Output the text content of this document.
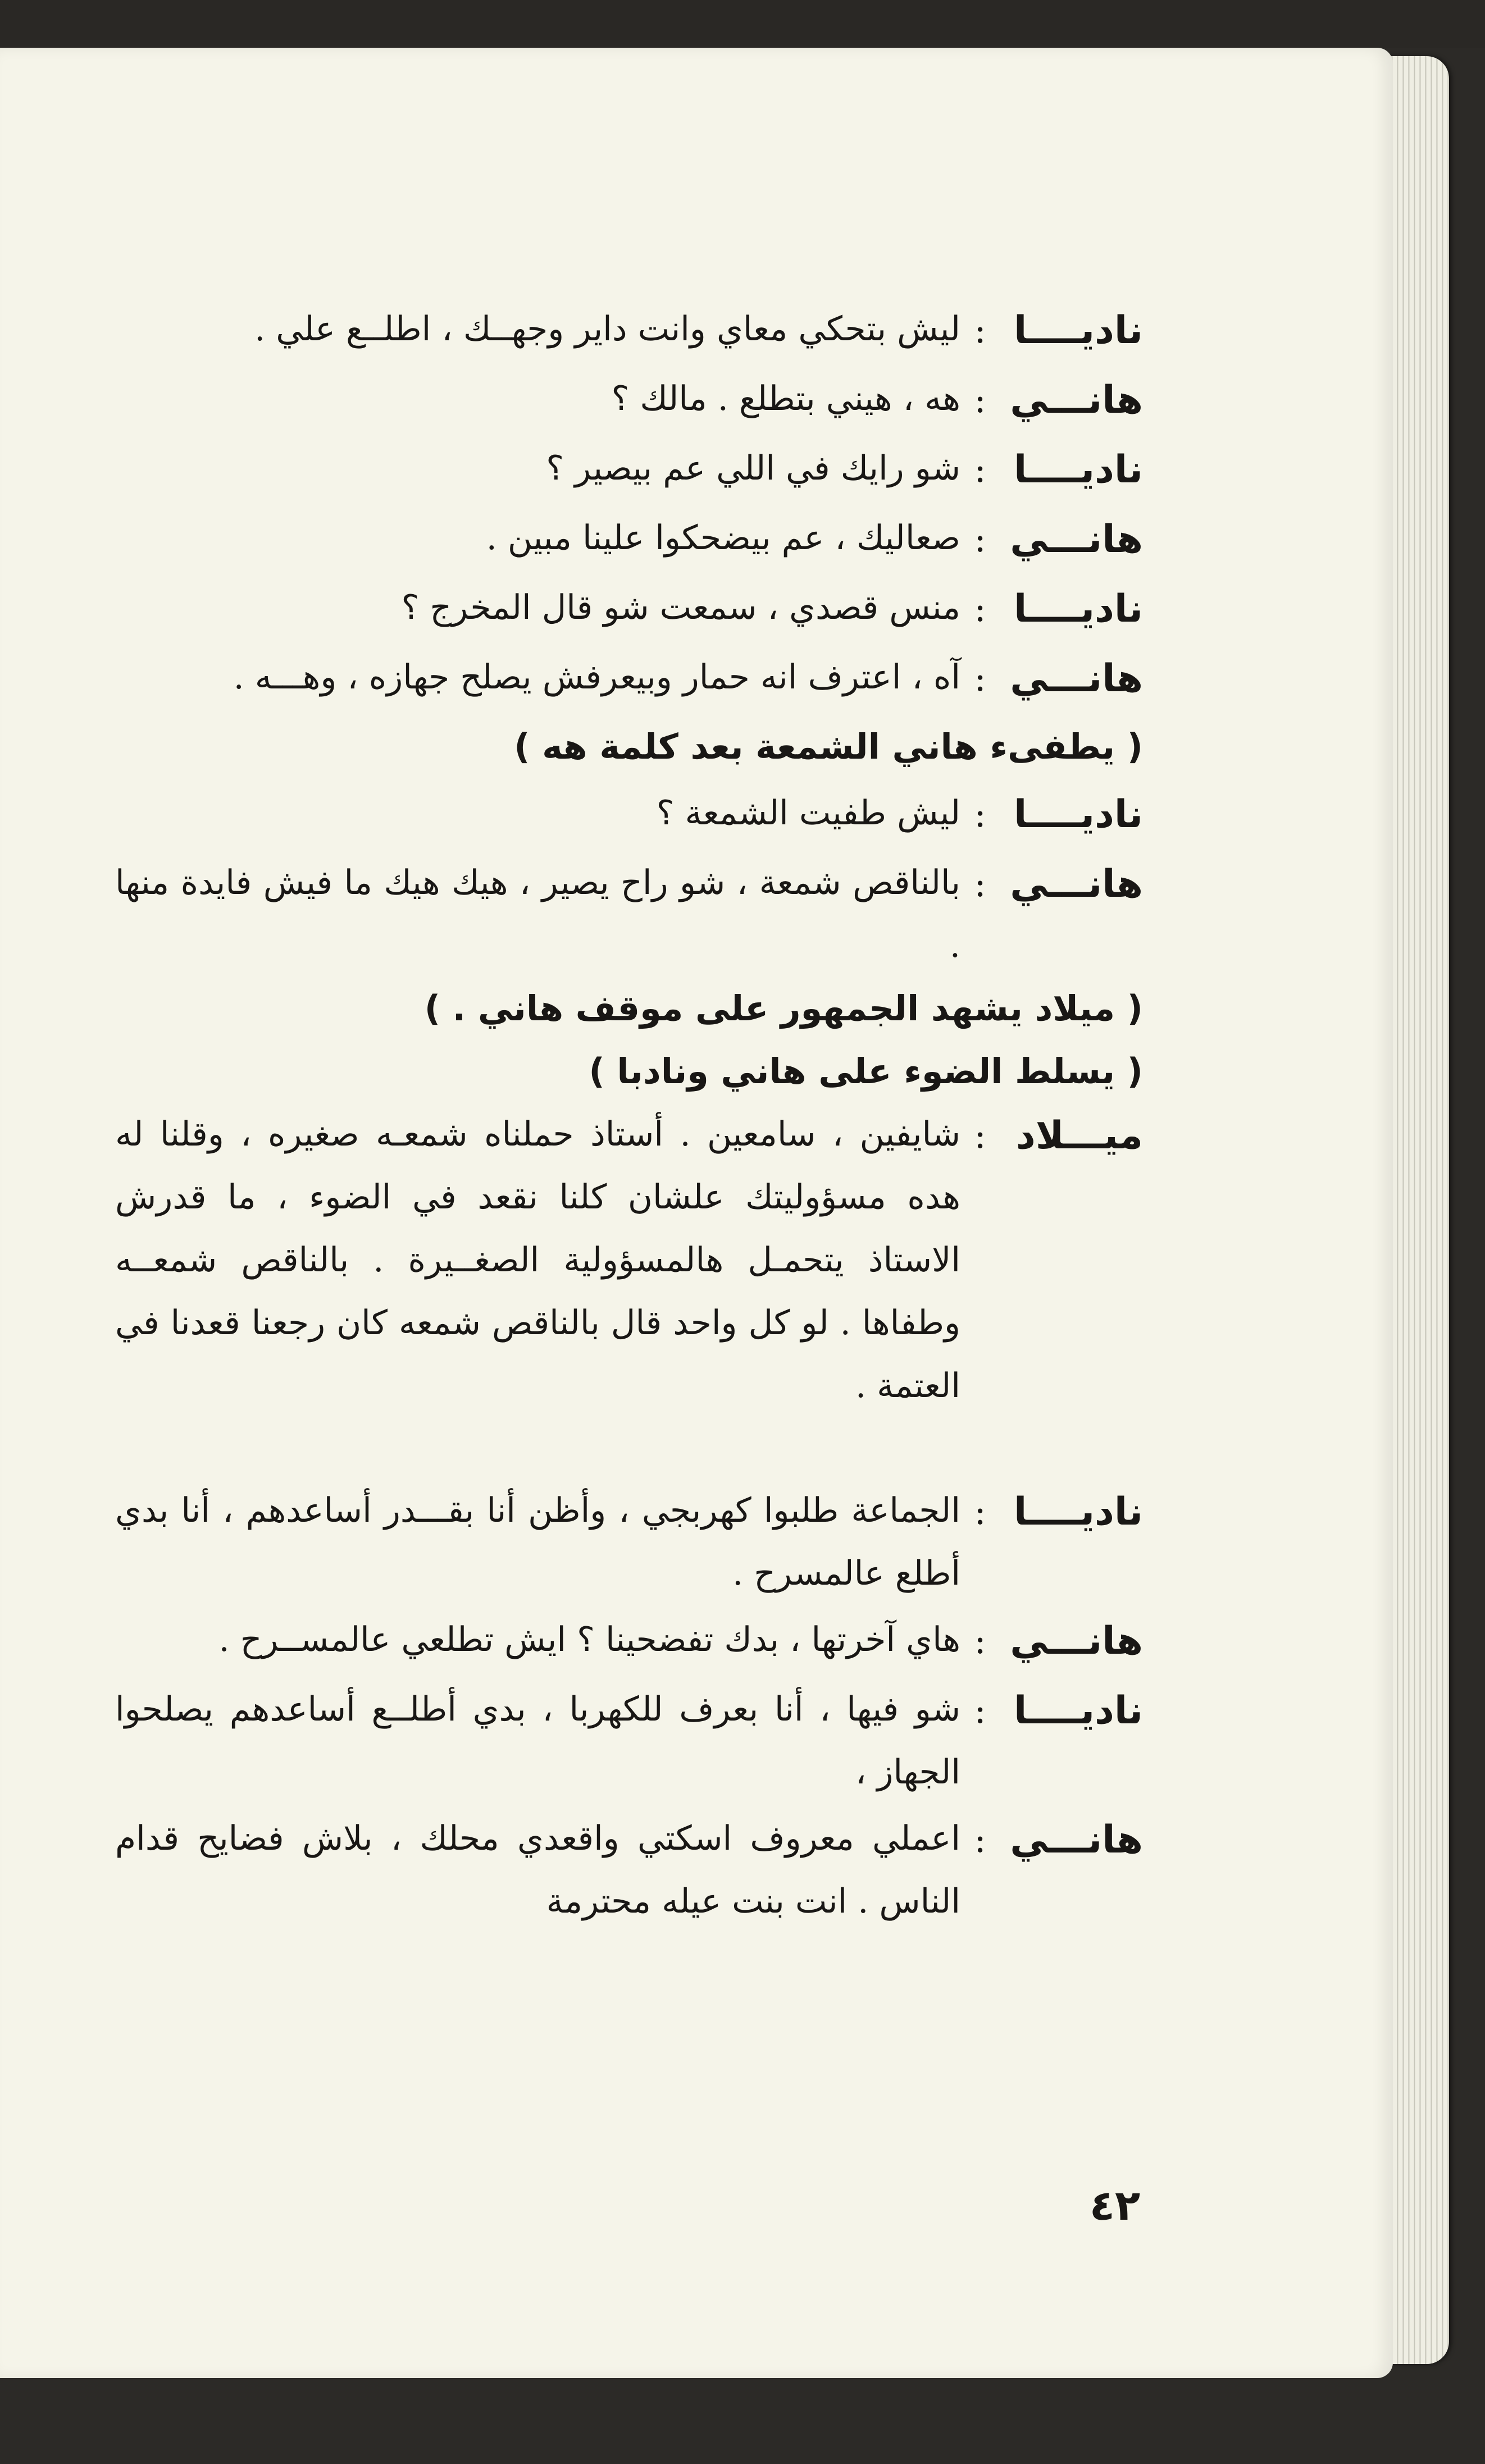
ناديــــا
:
ليش بتحكي معاي وانت داير وجهــك ، اطلــع علي .
هانـــي
:
هه ، هيني بتطلع . مالك ؟
ناديــــا
:
شو رايك في اللي عم بيصير ؟
هانـــي
:
صعاليك ، عم بيضحكوا علينا مبين .
ناديــــا
:
منس قصدي ، سمعت شو قال المخرج ؟
هانـــي
:
آه ، اعترف انه حمار وبيعرفش يصلح جهازه ، وهـــه .
( يطفىء هاني الشمعة بعد كلمة هه )
ناديــــا
:
ليش طفيت الشمعة ؟
هانـــي
:
بالناقص شمعة ، شو راح يصير ، هيك هيك ما فيش فايدة منها .
( ميلاد يشهد الجمهور على موقف هاني . )
( يسلط الضوء على هاني ونادبا )
ميـــلاد
:
شايفين ، سامعين . أستاذ حملناه شمعـه صغيره ، وقلنا له هده مسؤوليتك علشان كلنا نقعد في الضوء ، ما قدرش الاستاذ يتحمـل هالمسؤولية الصغــيرة . بالناقص شمعــه وطفاها . لو كل واحد قال بالناقص شمعه كان رجعنا قعدنا في العتمة .
ناديــــا
:
الجماعة طلبوا كهربجي ، وأظن أنا بقـــدر أساعدهم ، أنا بدي أطلع عالمسرح .
هانـــي
:
هاي آخرتها ، بدك تفضحينا ؟ ايش تطلعي عالمســرح .
ناديــــا
:
شو فيها ، أنا بعرف للكهربا ، بدي أطلــع أساعدهم يصلحوا الجهاز ،
هانـــي
:
اعملي معروف اسكتي واقعدي محلك ، بلاش فضايح قدام الناس . انت بنت عيله محترمة
٤٢
